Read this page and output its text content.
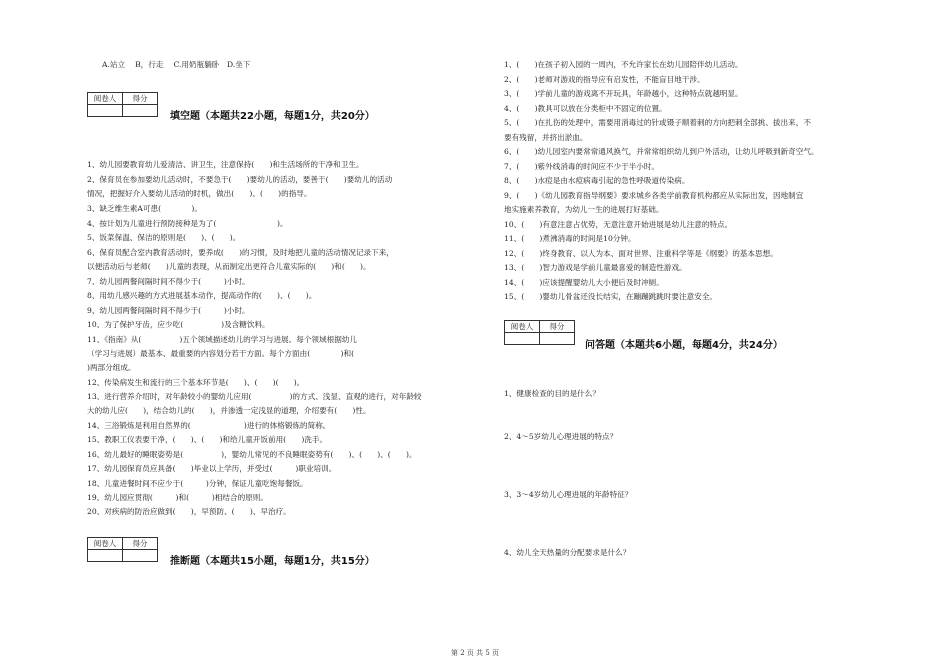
A.站立　 B，行走　 C.用奶瓶躺卧　D.坐下
阅卷人	得分

填空题（本题共22小题，每题1分，共20分）
1、幼儿园要教育幼儿爱清洁、讲卫生，注意保持(　　)和生活场所的干净和卫生。
2、保育员在参加要幼儿活动时，不要急于(　　)要幼儿的活动，要善于(　　)要幼儿的活动
情况，把握好介入要幼儿活动的时机，做出(　　)、(　　)的指导。
3、缺乏维生素A可患(　　　　)。
4、按计划为儿童进行预防接种是为了(　　　　　　　　)。
5、饭菜保温、保洁的原则是(　　)、(　　)。
6、保育员配合室内教育活动时，要养成(　　)的习惯，及时地把儿童的活动情况记录下来，
以便活动后与老师(　　)儿童的表现，从而制定出更符合儿童实际的(　　)和(　　)。
7、幼儿园两餐间隔时间不得少于(　　　)小时。
8、用幼儿感兴趣的方式进展基本动作，提高动作的(　　)、(　　)。
9、幼儿园两餐间隔时间不得少于(　　　)小时。
10、为了保护牙齿，应少吃(　　　　　)及含糖饮料。
11、《指南》从(　　　　　)五个领域描述幼儿的学习与进展。每个领域根据幼儿
（学习与进展）最基本、最重要的内容划分若干方面。每个方面由(　　　　)和(　　　
)两部分组成。
12、传染病发生和流行的三个基本环节是(　　)、(　　)(　　)。
13、进行营养介绍时，对年龄较小的婴幼儿应用(　　　　　)的方式、浅显、直观的进行，对年龄较
大的幼儿应(　　)，结合幼儿的(　　)，并渗透一定浅显的道理，介绍要有(　　)性。
14、三浴锻炼是利用自然界的(　　　　　　　)进行的体格锻炼的简称。
15、教职工仪表要干净，(　　)、(　　)和给儿童开饭前用(　　)洗手。
16、幼儿最好的睡眠姿势是(　　　　　)，婴幼儿常见的不良睡眠姿势有(　　)、(　　)、(　　)。
17、幼儿园保育员应具备(　　)毕业以上学历，并受过(　　　)职业培训。
18、儿童进餐时间不应少于(　　　)分钟，保证儿童吃饱每餐饭。
19、幼儿园应贯彻(　　　)和(　　　)相结合的原则。
20、对疾病的防治应做到(　　)，早预防、(　　)、早治疗。
阅卷人	得分

推断题（本题共15小题，每题1分，共15分）
1、(　　)在孩子初入园的一周内，不允许家长在幼儿园陪伴幼儿活动。
2、(　　)老师对游戏的指导应有启发性，不能盲目地干涉。
3、(　　)学前儿童的游戏离不开玩具，年龄越小，这种特点就越明显。
4、(　　)教具可以放在分类柜中不固定的位置。
5、(　　)在扎伤的处理中，需要用消毒过的针或镊子顺着刺的方向把刺全部挑、拔出来，不
要有残留，并挤出淤血。
6、(　　)幼儿园室内要常常通风换气，并常常组织幼儿到户外活动，让幼儿呼吸到新奇空气。
7、(　　)紫外线消毒的时间应不少于半小时。
8、(　　)水痘是由水痘病毒引起的急性呼吸道传染病。
9、(　　)《幼儿园教育指导纲要》要求城乡各类学前教育机构都应从实际出发，因地制宜
地实施素养教育，为幼儿一生的进展打好基础。
10、(　　)有意注意占优势，无意注意开始进展是幼儿注意的特点。
11、(　　)煮沸消毒的时间是10分钟。
12、(　　)终身教育、以人为本、面对世界、注重科学等是《纲要》的基本思想。
13、(　　)智力游戏是学前儿童最喜爱的制造性游戏。
14、(　　)应该提醒婴幼儿大小便后及时冲厕。
15、(　　)婴幼儿骨盆还没长结实，在蹦蹦跳跳时要注意安全。
阅卷人	得分

问答题（本题共6小题，每题4分，共24分）
1、健康检查的目的是什么？
2、4～5岁幼儿心理进展的特点？
3、3～4岁幼儿心理进展的年龄特征？
4、幼儿全天热量的分配要求是什么？
第 2 页 共 5 页
